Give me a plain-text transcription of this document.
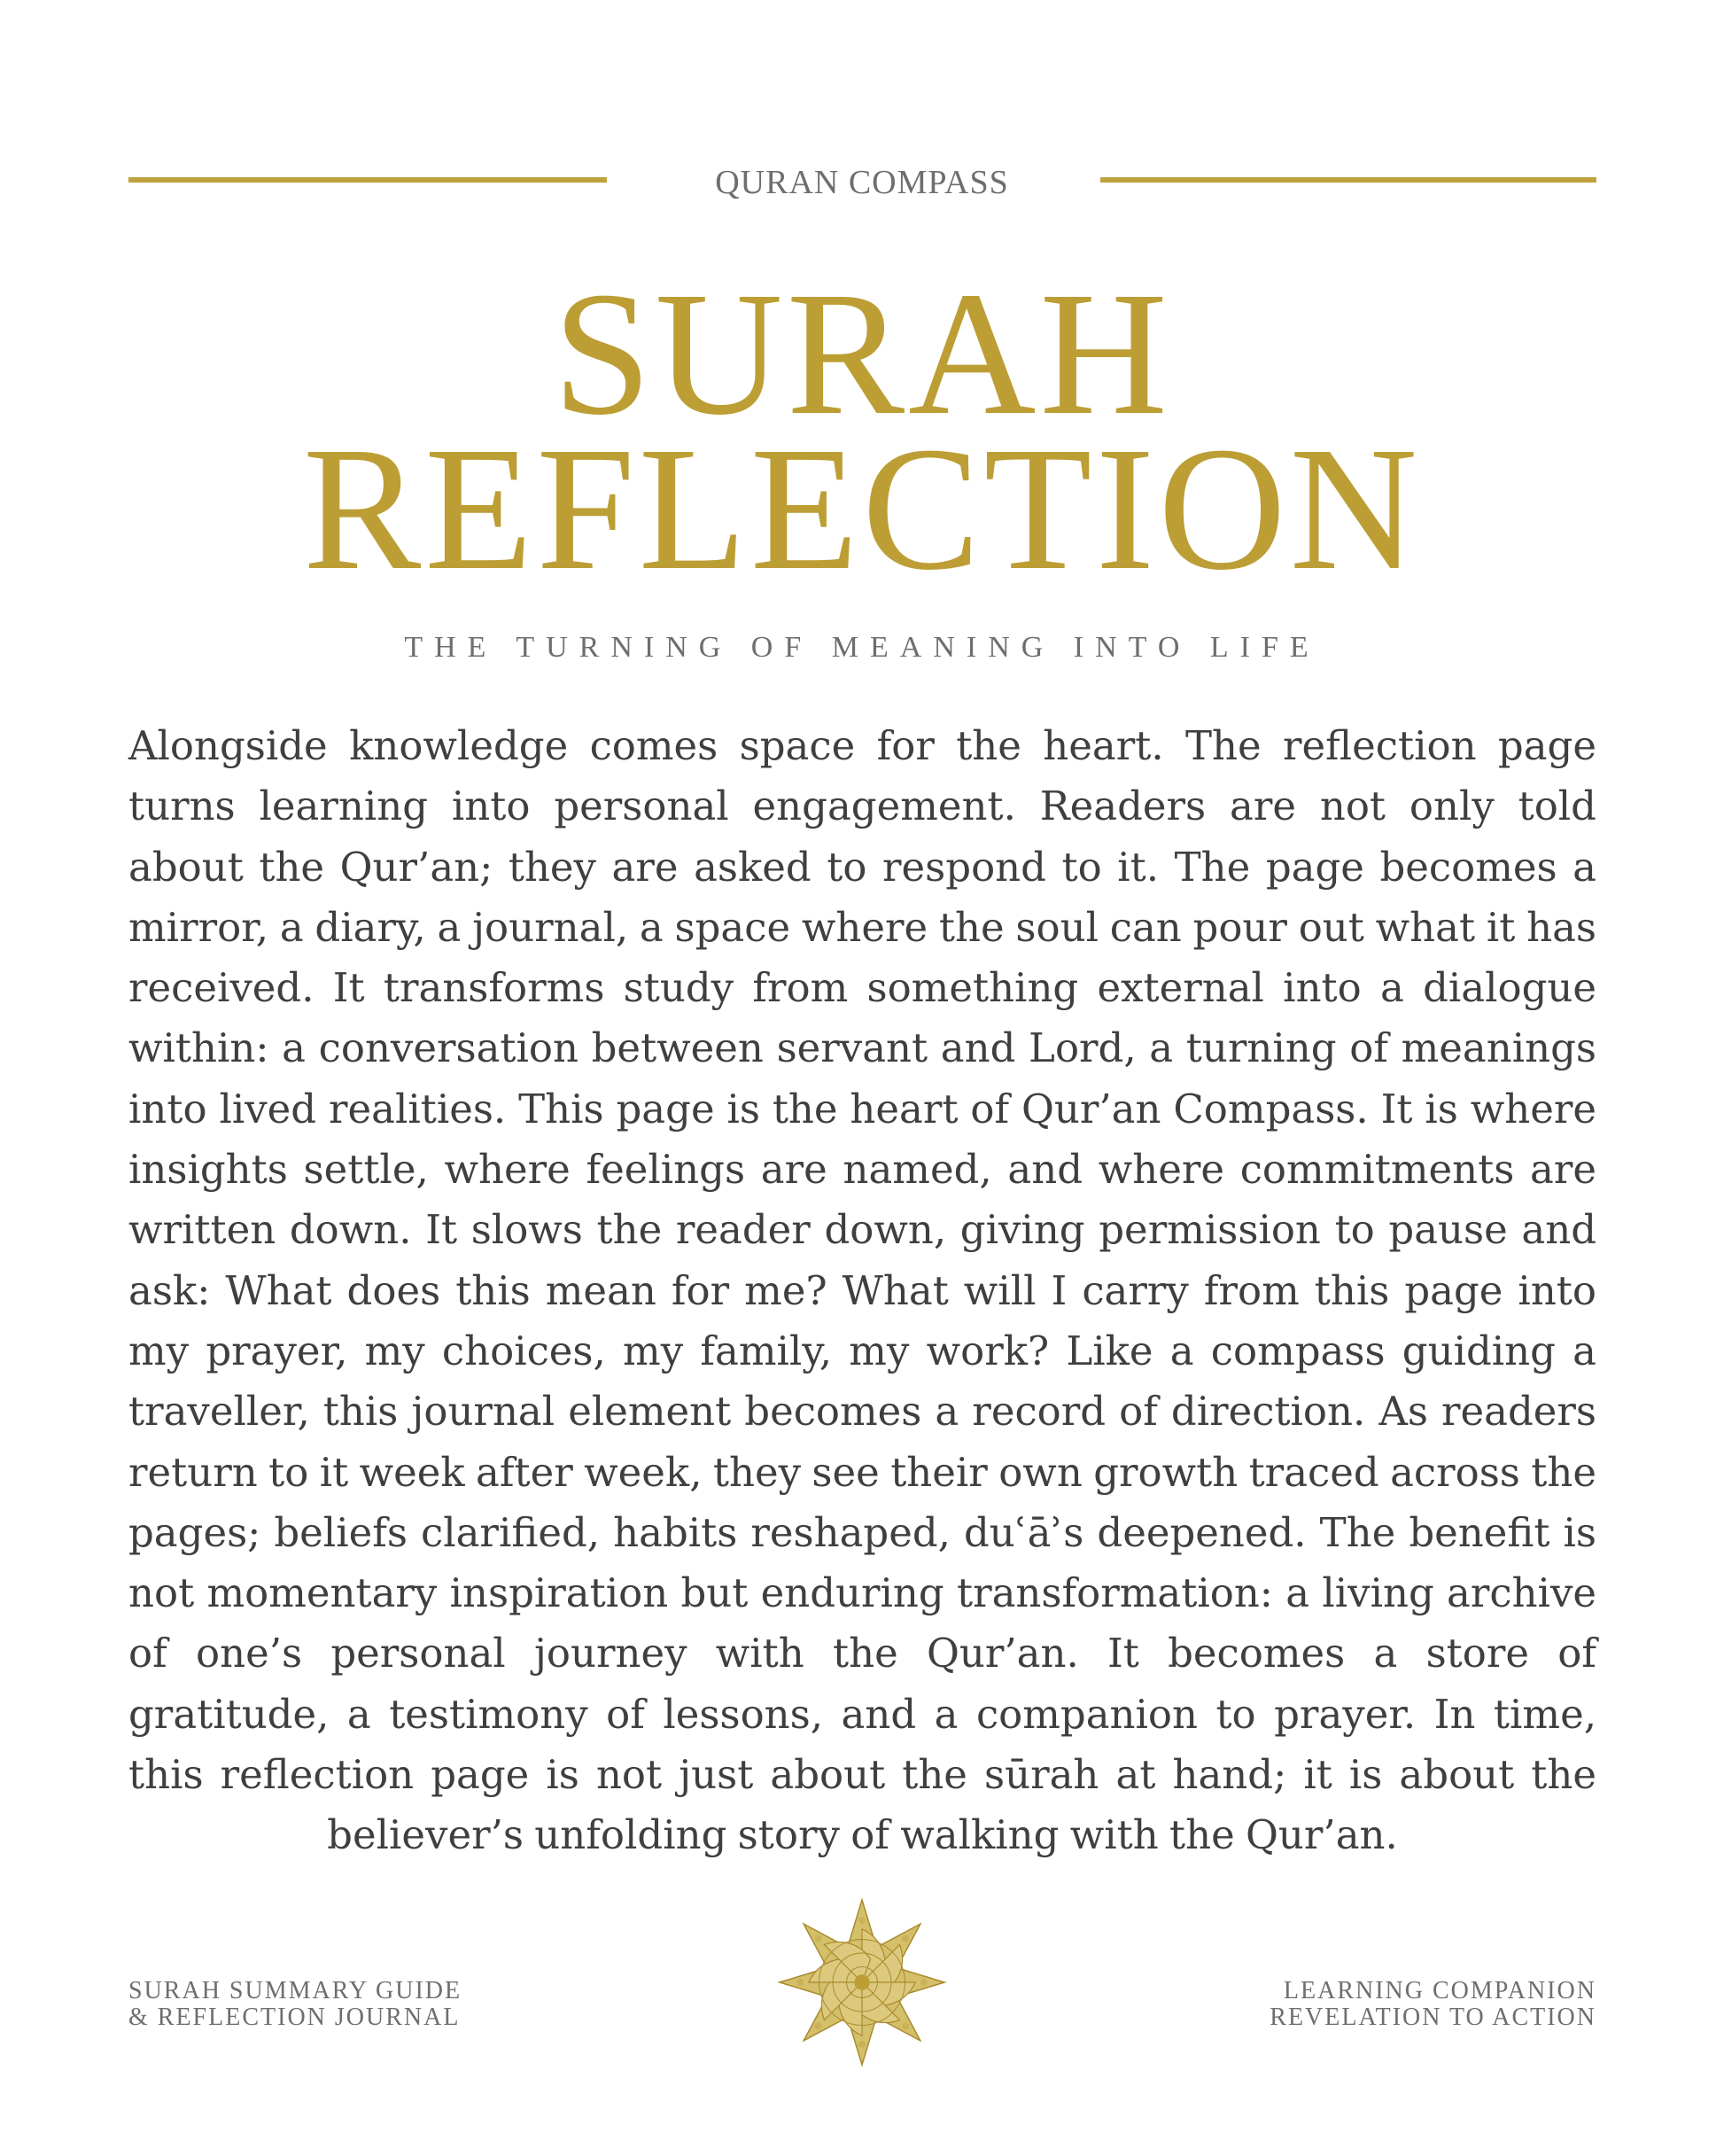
QURAN COMPASS
SURAH
REFLECTION
THE TURNING OF MEANING INTO LIFE
Alongside knowledge comes space for the heart. The reflection page turns learning into personal engagement. Readers are not only told about the Qur’an; they are asked to respond to it. The page becomes a mirror, a diary, a journal, a space where the soul can pour out what it has received. It transforms study from something external into a dialogue within: a conversation between servant and Lord, a turning of meanings into lived realities. This page is the heart of Qur’an Compass. It is where insights settle, where feelings are named, and where commitments are written down. It slows the reader down, giving permission to pause and ask: What does this mean for me? What will I carry from this page into my prayer, my choices, my family, my work? Like a compass guiding a traveller, this journal element becomes a record of direction. As readers return to it week after week, they see their own growth traced across the pages; beliefs clarified, habits reshaped, duʿāʾs deepened. The benefit is not momentary inspiration but enduring transformation: a living archive of one’s personal journey with the Qur’an. It becomes a store of gratitude, a testimony of lessons, and a companion to prayer. In time, this reflection page is not just about the sūrah at hand; it is about the believer’s unfolding story of walking with the Qur’an.
SURAH SUMMARY GUIDE
& REFLECTION JOURNAL
LEARNING COMPANION
REVELATION TO ACTION
